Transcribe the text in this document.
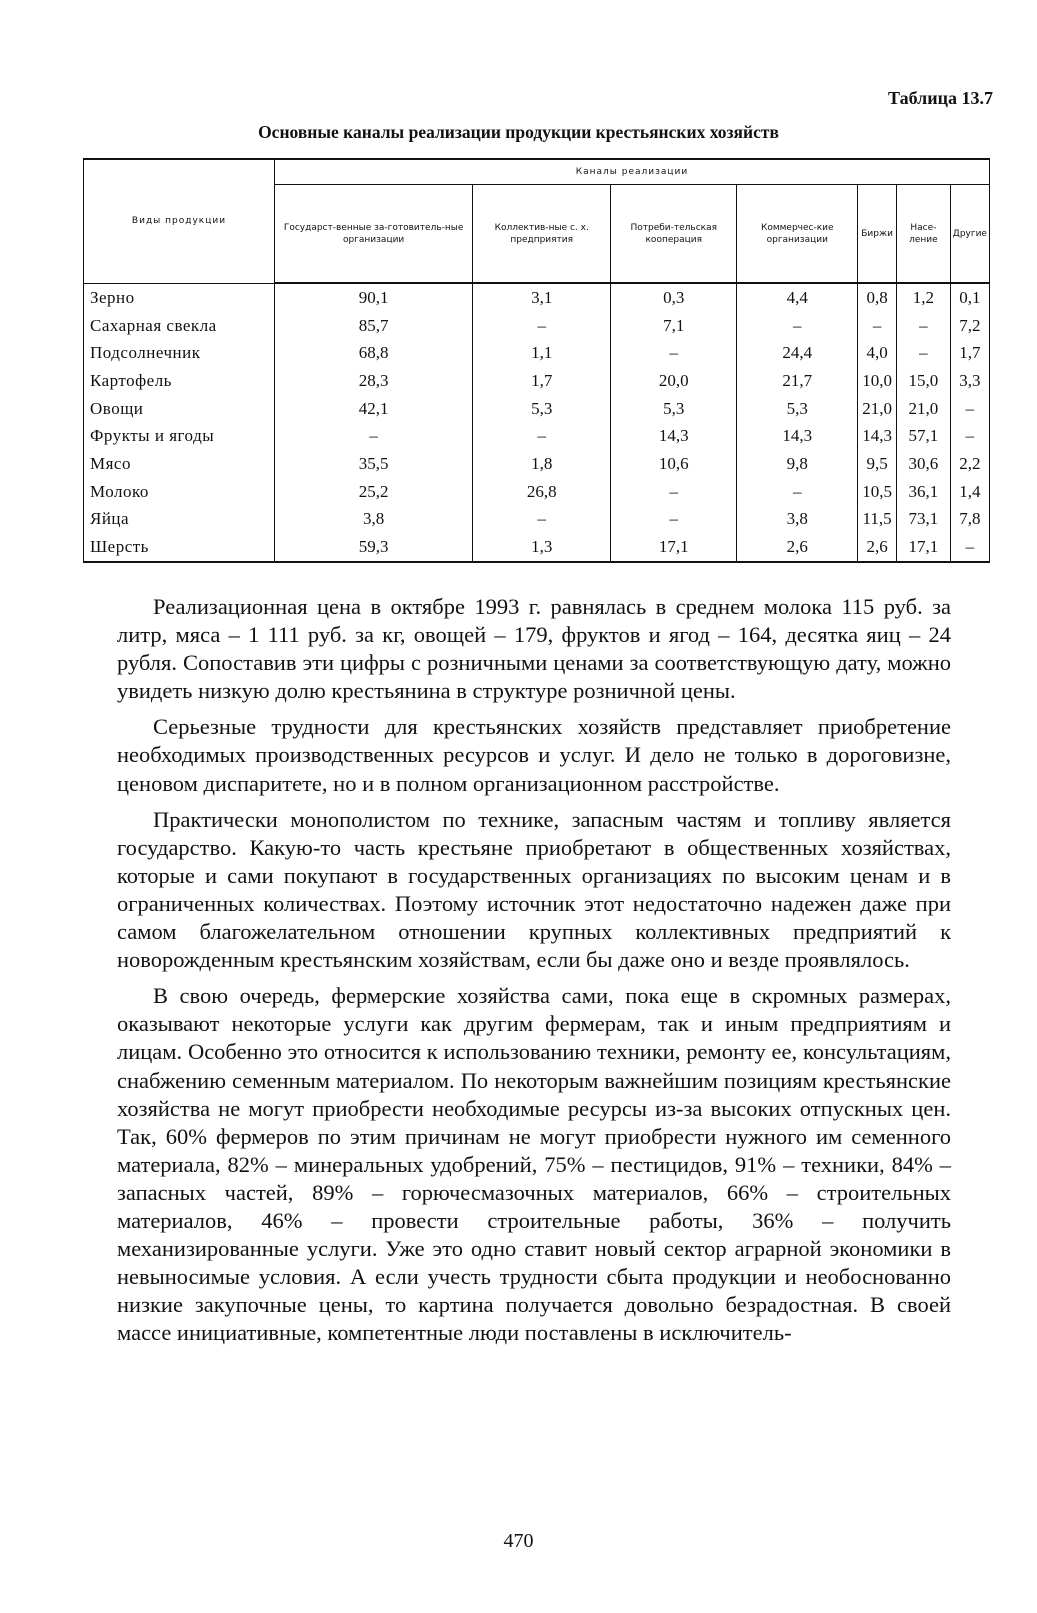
Таблица 13.7
Основные каналы реализации продукции крестьянских хозяйств
Виды продукции	Каналы реализации						
	Государст-венные за-готовитель-ные организации	Коллектив-ные с. х. предприятия	Потреби-тельская кооперация	Коммерчес-кие организации	Биржи	Насе-ление	Другие
Зерно	90,1	3,1	0,3	4,4	0,8	1,2	0,1
Сахарная свекла	85,7	–	7,1	–	–	–	7,2
Подсолнечник	68,8	1,1	–	24,4	4,0	–	1,7
Картофель	28,3	1,7	20,0	21,7	10,0	15,0	3,3
Овощи	42,1	5,3	5,3	5,3	21,0	21,0	–
Фрукты и ягоды	–	–	14,3	14,3	14,3	57,1	–
Мясо	35,5	1,8	10,6	9,8	9,5	30,6	2,2
Молоко	25,2	26,8	–	–	10,5	36,1	1,4
Яйца	3,8	–	–	3,8	11,5	73,1	7,8
Шерсть	59,3	1,3	17,1	2,6	2,6	17,1	–

Реализационная цена в октябре 1993 г. равнялась в среднем молока 115 руб. за литр, мяса – 1 111 руб. за кг, овощей – 179, фруктов и ягод – 164, десятка яиц – 24 рубля. Сопоставив эти цифры с розничными ценами за соответствующую дату, можно увидеть низкую долю крестьянина в структуре розничной цены.

Серьезные трудности для крестьянских хозяйств представляет приобретение необходимых производственных ресурсов и услуг. И дело не только в дороговизне, ценовом диспаритете, но и в полном организационном расстройстве.

Практически монополистом по технике, запасным частям и топливу является государство. Какую-то часть крестьяне приобретают в общественных хозяйствах, которые и сами покупают в государственных организациях по высоким ценам и в ограниченных количествах. Поэтому источник этот недостаточно надежен даже при самом благожелательном отношении крупных коллективных предприятий к новорожденным крестьянским хозяйствам, если бы даже оно и везде проявлялось.

В свою очередь, фермерские хозяйства сами, пока еще в скромных размерах, оказывают некоторые услуги как другим фермерам, так и иным предприятиям и лицам. Особенно это относится к использованию техники, ремонту ее, консультациям, снабжению семенным материалом. По некоторым важнейшим позициям крестьянские хозяйства не могут приобрести необходимые ресурсы из-за высоких отпускных цен. Так, 60% фермеров по этим причинам не могут приобрести нужного им семенного материала, 82% – минеральных удобрений, 75% – пестицидов, 91% – техники, 84% – запасных частей, 89% – горючесмазочных материалов, 66% – строительных материалов, 46% – провести строительные работы, 36% – получить механизированные услуги. Уже это одно ставит новый сектор аграрной экономики в невыносимые условия. А если учесть трудности сбыта продукции и необоснованно низкие закупочные цены, то картина получается довольно безрадостная. В своей массе инициативные, компетентные люди поставлены в исключитель-

470
